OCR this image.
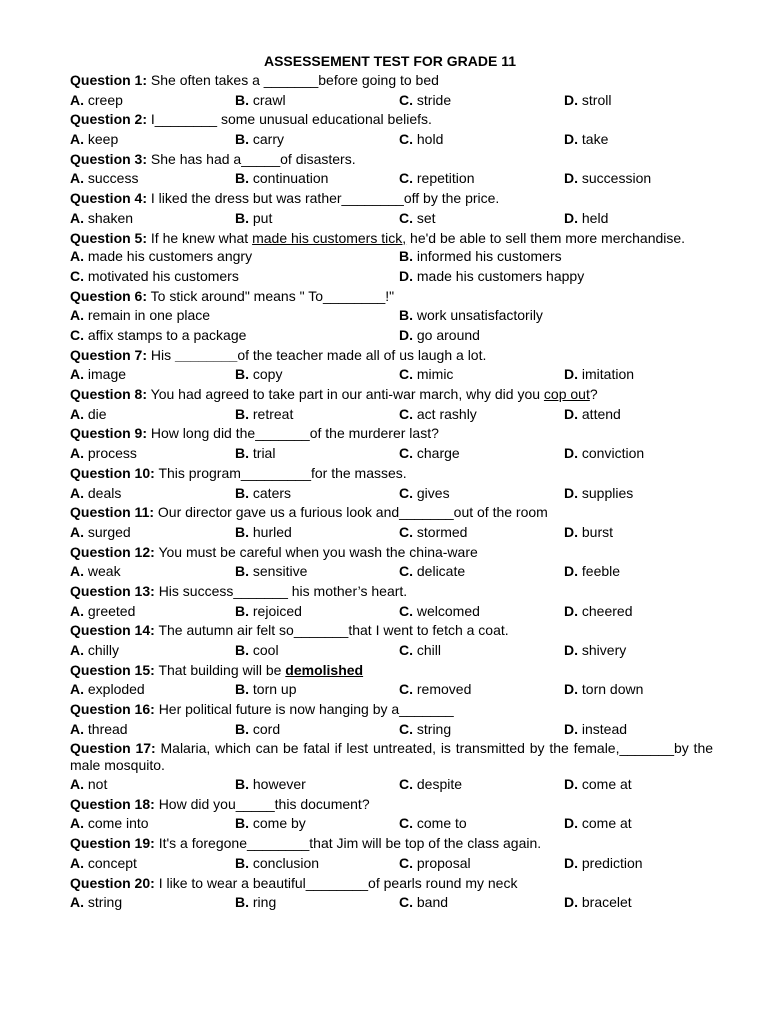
ASSESSEMENT TEST FOR GRADE 11
Question 1: She often takes a _______before going to bed
A. creep	B. crawl	C. stride	D. stroll
Question 2: I________ some unusual educational beliefs.
A. keep	B. carry	C. hold	D. take
Question 3: She has had a_____of disasters.
A. success	B. continuation	C. repetition	D. succession
Question 4: I liked the dress but was rather________off by the price.
A. shaken	B. put	C. set	D. held
Question 5: If he knew what made his customers tick, he'd be able to sell them more merchandise.
A. made his customers angry	B. informed his customers
C. motivated his customers	D. made his customers happy
Question 6: To stick around" means " To________!"
A. remain in one place	B. work unsatisfactorily
C. affix stamps to a package	D. go around
Question 7: His ________of the teacher made all of us laugh a lot.
A. image	B. copy	C. mimic	D. imitation
Question 8: You had agreed to take part in our anti-war march, why did you cop out?
A. die	B. retreat	C. act rashly	D. attend
Question 9: How long did the_______of the murderer last?
A. process	B. trial	C. charge	D. conviction
Question 10: This program_________for the masses.
A. deals	B. caters	C. gives	D. supplies
Question 11: Our director gave us a furious look and_______out of the room
A. surged	B. hurled	C. stormed	D. burst
Question 12: You must be careful when you wash the china-ware
A. weak	B. sensitive	C. delicate	D. feeble
Question 13: His success_______ his mother’s heart.
A. greeted	B. rejoiced	C. welcomed	D. cheered
Question 14: The autumn air felt so_______that I went to fetch a coat.
A. chilly	B. cool	C. chill	D. shivery
Question 15: That building will be demolished
A. exploded	B. torn up	C. removed	D. torn down
Question 16: Her political future is now hanging by a_______
A. thread	B. cord	C. string	D. instead
Question 17: Malaria, which can be fatal if lest untreated, is transmitted by the female,_______by the male mosquito.
A. not	B. however	C. despite	D. come at
Question 18: How did you_____this document?
A. come into	B. come by	C. come to	D. come at
Question 19: It's a foregone________that Jim will be top of the class again.
A. concept	B. conclusion	C. proposal	D. prediction
Question 20: I like to wear a beautiful________of pearls round my neck
A. string	B. ring	C. band	D. bracelet
